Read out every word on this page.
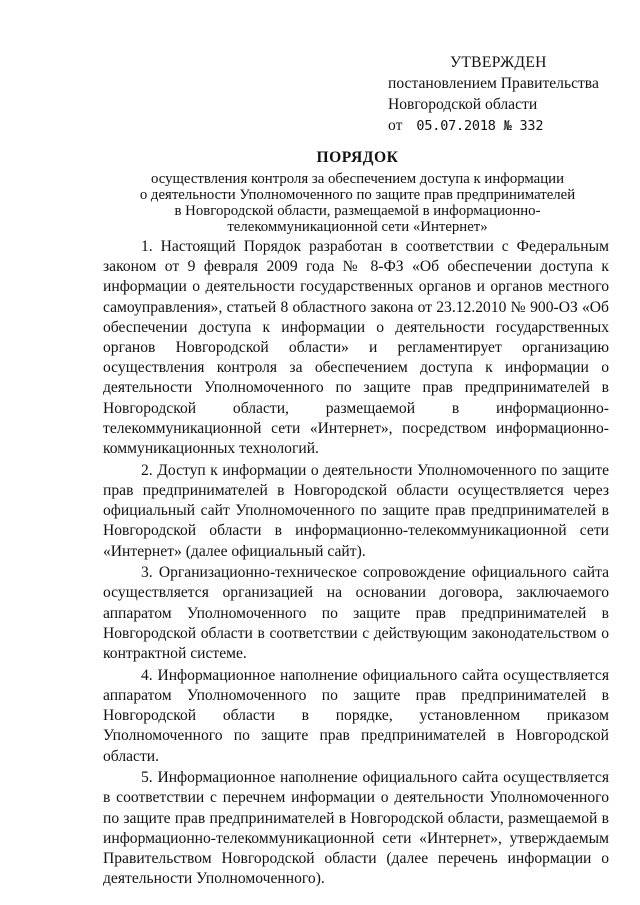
УТВЕРЖДЕН
постановлением Правительства
Новгородской области
от 05.07.2018 № 332
ПОРЯДОК
осуществления контроля за обеспечением доступа к информации
о деятельности Уполномоченного по защите прав предпринимателей
в Новгородской области, размещаемой в информационно-
телекоммуникационной сети «Интернет»

1. Настоящий Порядок разработан в соответствии с Федеральным законом от 9 февраля 2009 года № 8-ФЗ «Об обеспечении доступа к информации о деятельности государственных органов и органов местного самоуправления», статьей 8 областного закона от 23.12.2010 № 900-ОЗ «Об обеспечении доступа к информации о деятельности государственных органов Новгородской области» и регламентирует организацию осуществления контроля за обеспечением доступа к информации о деятельности Уполномоченного по защите прав предпринимателей в Новгородской области, размещаемой в информационно-телекоммуникационной сети «Интернет», посредством информационно-коммуникационных технологий.

2. Доступ к информации о деятельности Уполномоченного по защите прав предпринимателей в Новгородской области осуществляется через официальный сайт Уполномоченного по защите прав предпринимателей в Новгородской области в информационно-телекоммуникационной сети «Интернет» (далее официальный сайт).

3. Организационно-техническое сопровождение официального сайта осуществляется организацией на основании договора, заключаемого аппаратом Уполномоченного по защите прав предпринимателей в Новгородской области в соответствии с действующим законодательством о контрактной системе.

4. Информационное наполнение официального сайта осуществляется аппаратом Уполномоченного по защите прав предпринимателей в Новгородской области в порядке, установленном приказом Уполномоченного по защите прав предпринимателей в Новгородской области.

5. Информационное наполнение официального сайта осуществляется в соответствии с перечнем информации о деятельности Уполномоченного по защите прав предпринимателей в Новгородской области, размещаемой в информационно-телекоммуникационной сети «Интернет», утверждаемым Правительством Новгородской области (далее перечень информации о деятельности Уполномоченного).
